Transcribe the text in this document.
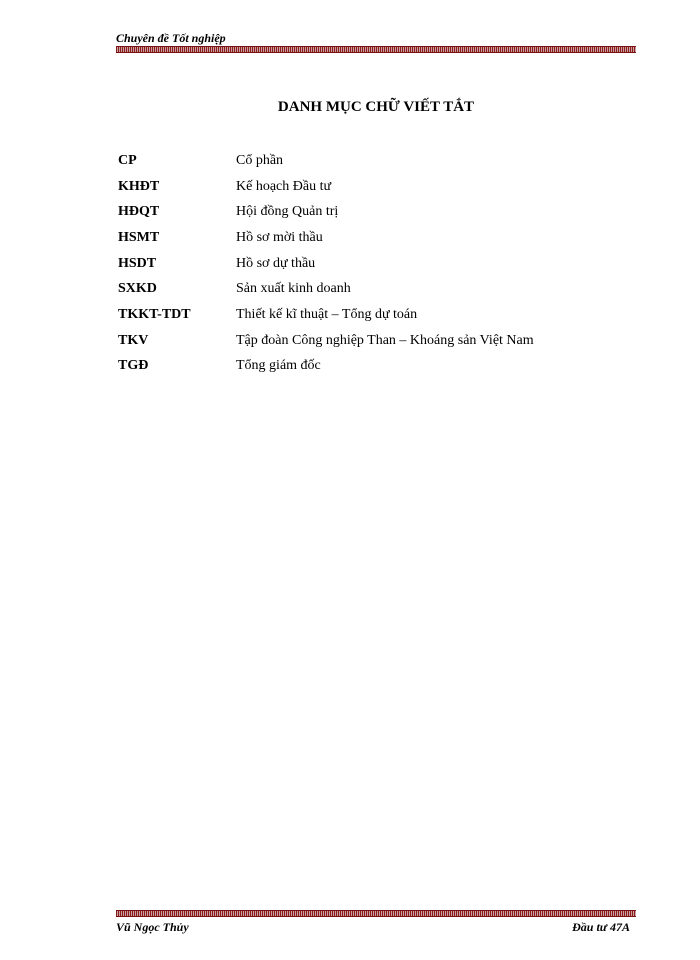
Chuyên đề Tốt nghiệp
DANH MỤC CHỮ VIẾT TẮT
CP	Cổ phần
KHĐT	Kế hoạch Đầu tư
HĐQT	Hội đồng Quản trị
HSMT	Hồ sơ mời thầu
HSDT	Hồ sơ dự thầu
SXKD	Sản xuất kinh doanh
TKKT-TDT	Thiết kế kĩ thuật – Tổng dự toán
TKV	Tập đoàn Công nghiệp Than – Khoáng sản Việt Nam
TGĐ	Tổng giám đốc
Vũ Ngọc Thủy	Đầu tư 47A
